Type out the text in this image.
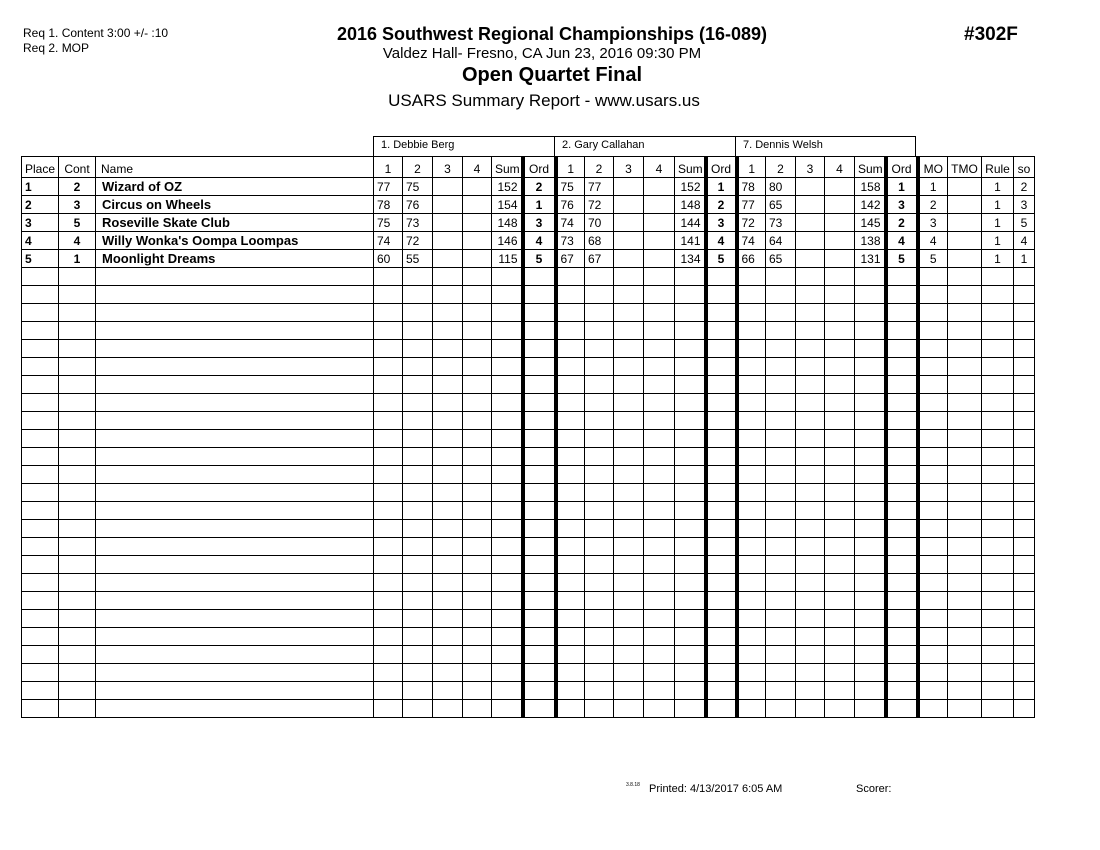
Req 1. Content 3:00 +/- :10
Req 2. MOP
2016 Southwest Regional Championships (16-089)
Valdez Hall- Fresno, CA Jun 23, 2016 09:30 PM
Open Quartet Final
USARS Summary Report - www.usars.us
#302F
1. Debbie Berg	2. Gary Callahan	7. Dennis Welsh
Place	Cont	Name	1	2	3	4	Sum	Ord	1	2	3	4	Sum	Ord	1	2	3	4	Sum	Ord	MO	TMO	Rule	so
1	2	Wizard of OZ	77	75			152	2	75	77			152	1	78	80			158	1	1		1	2
2	3	Circus on Wheels	78	76			154	1	76	72			148	2	77	65			142	3	2		1	3
3	5	Roseville Skate Club	75	73			148	3	74	70			144	3	72	73			145	2	3		1	5
4	4	Willy Wonka's Oompa Loompas	74	72			146	4	73	68			141	4	74	64			138	4	4		1	4
5	1	Moonlight Dreams	60	55			115	5	67	67			134	5	66	65			131	5	5		1	1

3.8.18 Printed: 4/13/2017 6:05 AM	Scorer:
